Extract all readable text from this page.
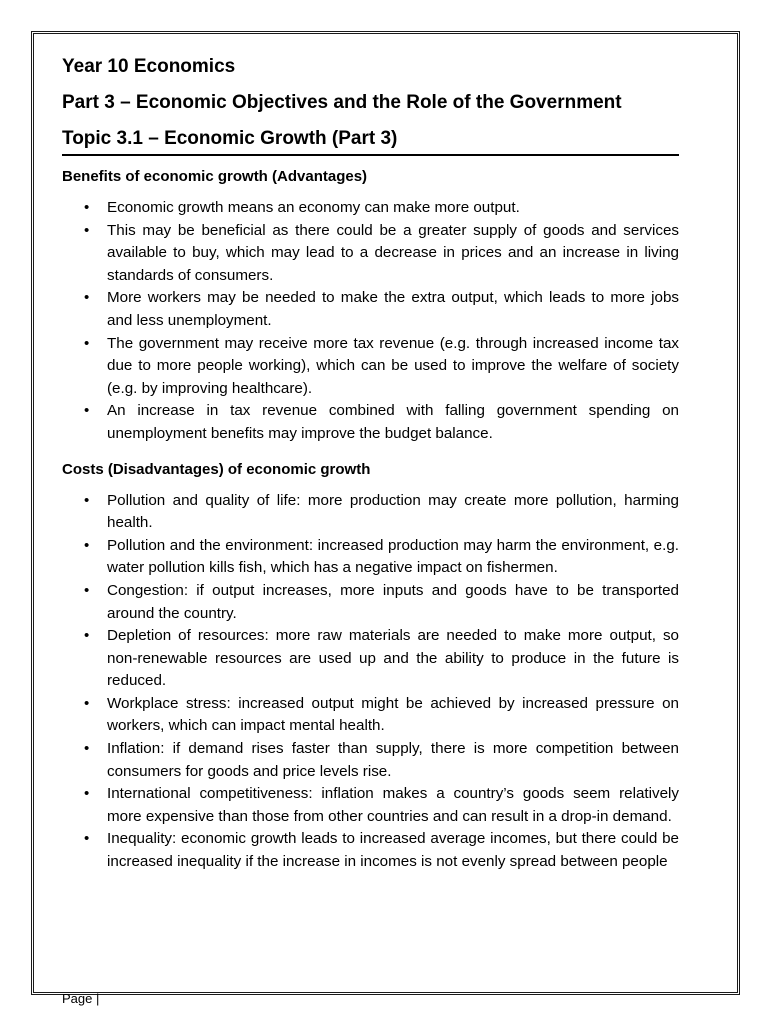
Year 10 Economics
Part 3 – Economic Objectives and the Role of the Government
Topic 3.1 – Economic Growth (Part 3)
Benefits of economic growth (Advantages)
• Economic growth means an economy can make more output.
• This may be beneficial as there could be a greater supply of goods and services available to buy, which may lead to a decrease in prices and an increase in living standards of consumers.
• More workers may be needed to make the extra output, which leads to more jobs and less unemployment.
• The government may receive more tax revenue (e.g. through increased income tax due to more people working), which can be used to improve the welfare of society (e.g. by improving healthcare).
• An increase in tax revenue combined with falling government spending on unemployment benefits may improve the budget balance.
Costs (Disadvantages) of economic growth
• Pollution and quality of life: more production may create more pollution, harming health.
• Pollution and the environment: increased production may harm the environment, e.g. water pollution kills fish, which has a negative impact on fishermen.
• Congestion: if output increases, more inputs and goods have to be transported around the country.
• Depletion of resources: more raw materials are needed to make more output, so non-renewable resources are used up and the ability to produce in the future is reduced.
• Workplace stress: increased output might be achieved by increased pressure on workers, which can impact mental health.
• Inflation: if demand rises faster than supply, there is more competition between consumers for goods and price levels rise.
• International competitiveness: inflation makes a country’s goods seem relatively more expensive than those from other countries and can result in a drop-in demand.
• Inequality: economic growth leads to increased average incomes, but there could be increased inequality if the increase in incomes is not evenly spread between people
Page |
